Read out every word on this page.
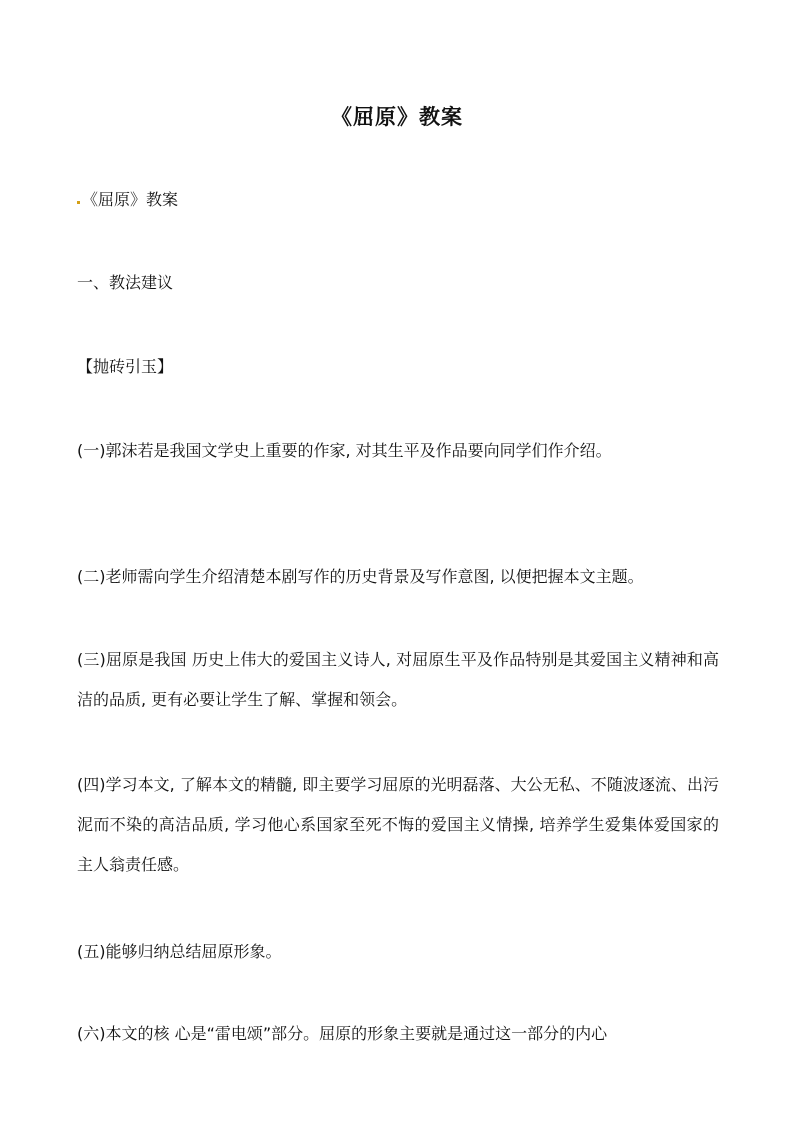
《屈原》教案

《屈原》教案

一、教法建议

【抛砖引玉】

(一)郭沫若是我国文学史上重要的作家, 对其生平及作品要向同学们作介绍。

(二)老师需向学生介绍清楚本剧写作的历史背景及写作意图, 以便把握本文主题。

(三)屈原是我国 历史上伟大的爱国主义诗人, 对屈原生平及作品特别是其爱国主义精神和高洁的品质, 更有必要让学生了解、掌握和领会。

(四)学习本文, 了解本文的精髓, 即主要学习屈原的光明磊落、大公无私、不随波逐流、出污泥而不染的高洁品质, 学习他心系国家至死不悔的爱国主义情操, 培养学生爱集体爱国家的主人翁责任感。

(五)能够归纳总结屈原形象。

(六)本文的核 心是“雷电颂”部分。屈原的形象主要就是通过这一部分的内心
